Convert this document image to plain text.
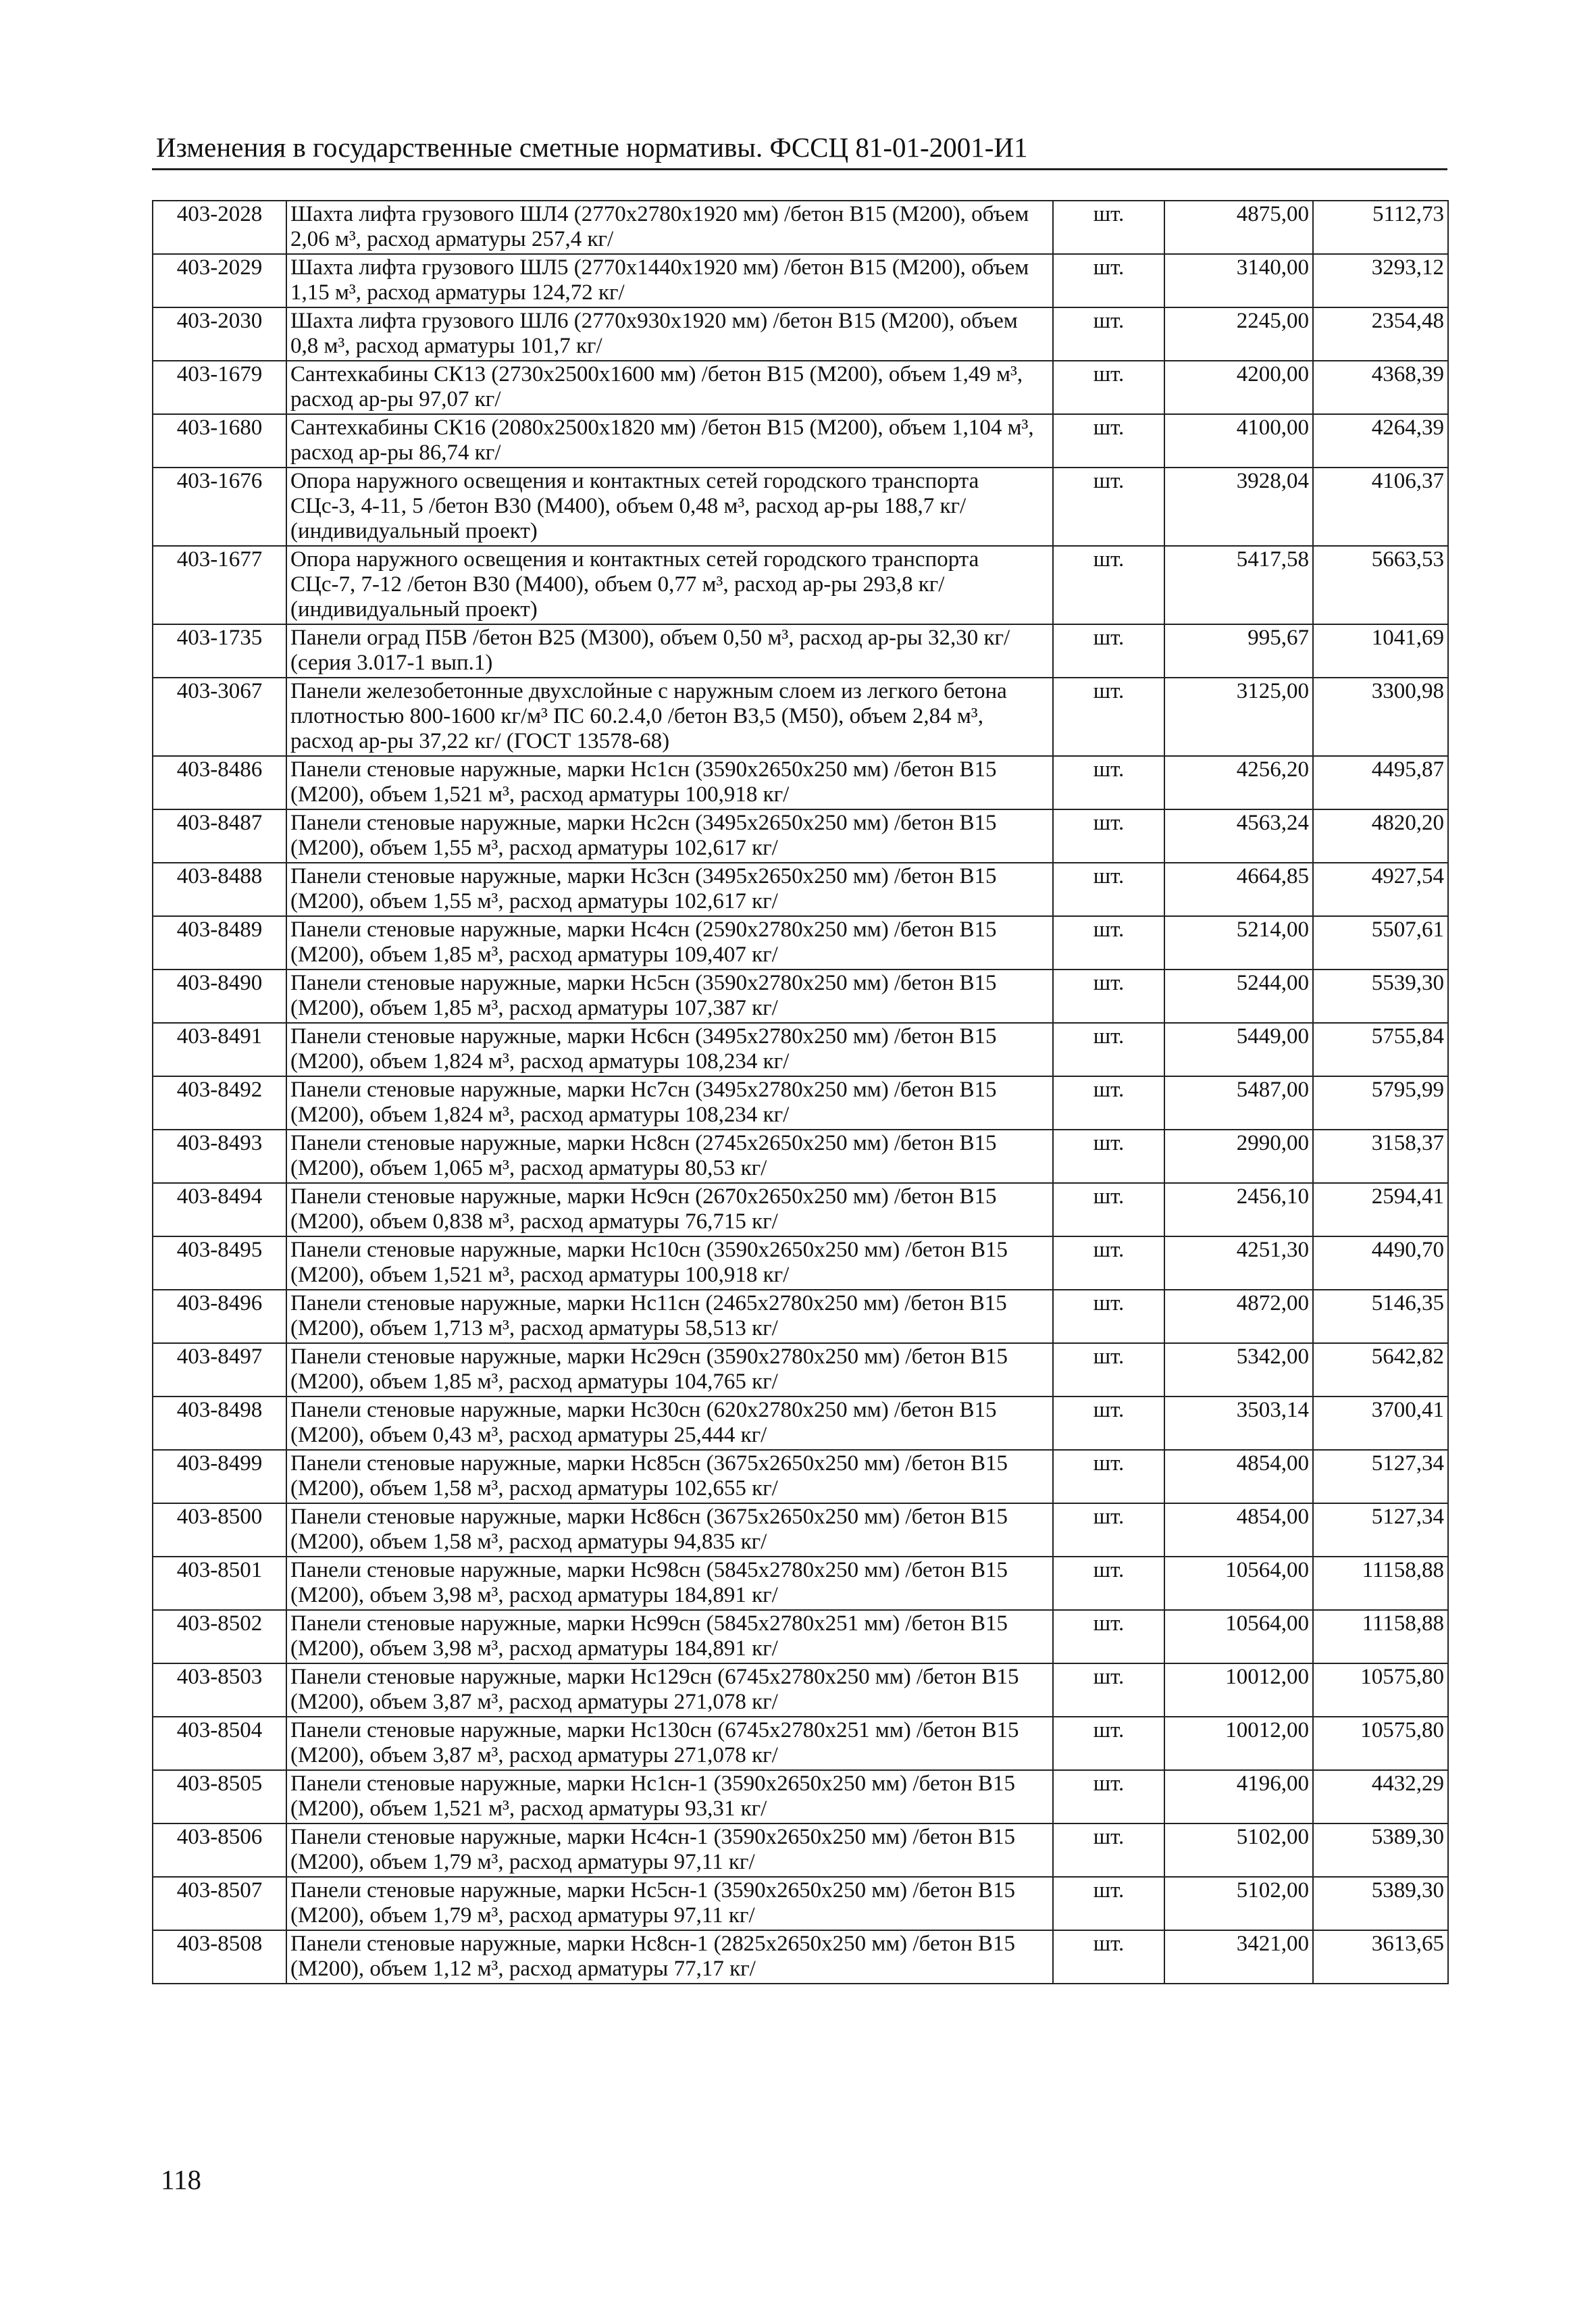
Изменения в государственные сметные нормативы. ФССЦ 81-01-2001-И1
403-2028	Шахта лифта грузового ШЛ4 (2770х2780х1920 мм) /бетон В15 (М200), объем 2,06 м³, расход арматуры 257,4 кг/	шт.	4875,00	5112,73
403-2029	Шахта лифта грузового ШЛ5 (2770х1440х1920 мм) /бетон В15 (М200), объем 1,15 м³, расход арматуры 124,72 кг/	шт.	3140,00	3293,12
403-2030	Шахта лифта грузового ШЛ6 (2770х930х1920 мм) /бетон В15 (М200), объем 0,8 м³, расход арматуры 101,7 кг/	шт.	2245,00	2354,48
403-1679	Сантехкабины СК13 (2730х2500х1600 мм) /бетон В15 (М200), объем 1,49 м³, расход ар-ры 97,07 кг/	шт.	4200,00	4368,39
403-1680	Сантехкабины СК16 (2080х2500х1820 мм) /бетон В15 (М200), объем 1,104 м³, расход ар-ры 86,74 кг/	шт.	4100,00	4264,39
403-1676	Опора наружного освещения и контактных сетей городского транспорта СЦс-3, 4-11, 5 /бетон В30 (М400), объем 0,48 м³, расход ар-ры 188,7 кг/ (индивидуальный проект)	шт.	3928,04	4106,37
403-1677	Опора наружного освещения и контактных сетей городского транспорта СЦс-7, 7-12 /бетон В30 (М400), объем 0,77 м³, расход ар-ры 293,8 кг/ (индивидуальный проект)	шт.	5417,58	5663,53
403-1735	Панели оград П5В /бетон В25 (М300), объем 0,50 м³, расход ар-ры 32,30 кг/ (серия 3.017-1 вып.1)	шт.	995,67	1041,69
403-3067	Панели железобетонные двухслойные с наружным слоем из легкого бетона плотностью 800-1600 кг/м³ ПС 60.2.4,0 /бетон В3,5 (М50), объем 2,84 м³, расход ар-ры 37,22 кг/ (ГОСТ 13578-68)	шт.	3125,00	3300,98
403-8486	Панели стеновые наружные, марки Нс1сн (3590х2650х250 мм) /бетон В15 (М200), объем 1,521 м³, расход арматуры 100,918 кг/	шт.	4256,20	4495,87
403-8487	Панели стеновые наружные, марки Нс2сн (3495х2650х250 мм) /бетон В15 (М200), объем 1,55 м³, расход арматуры 102,617 кг/	шт.	4563,24	4820,20
403-8488	Панели стеновые наружные, марки Нс3сн (3495х2650х250 мм) /бетон В15 (М200), объем 1,55 м³, расход арматуры 102,617 кг/	шт.	4664,85	4927,54
403-8489	Панели стеновые наружные, марки Нс4сн (2590х2780х250 мм) /бетон В15 (М200), объем 1,85 м³, расход арматуры 109,407 кг/	шт.	5214,00	5507,61
403-8490	Панели стеновые наружные, марки Нс5сн (3590х2780х250 мм) /бетон В15 (М200), объем 1,85 м³, расход арматуры 107,387 кг/	шт.	5244,00	5539,30
403-8491	Панели стеновые наружные, марки Нс6сн (3495х2780х250 мм) /бетон В15 (М200), объем 1,824 м³, расход арматуры 108,234 кг/	шт.	5449,00	5755,84
403-8492	Панели стеновые наружные, марки Нс7сн (3495х2780х250 мм) /бетон В15 (М200), объем 1,824 м³, расход арматуры 108,234 кг/	шт.	5487,00	5795,99
403-8493	Панели стеновые наружные, марки Нс8сн (2745х2650х250 мм) /бетон В15 (М200), объем 1,065 м³, расход арматуры 80,53 кг/	шт.	2990,00	3158,37
403-8494	Панели стеновые наружные, марки Нс9сн (2670х2650х250 мм) /бетон В15 (М200), объем 0,838 м³, расход арматуры 76,715 кг/	шт.	2456,10	2594,41
403-8495	Панели стеновые наружные, марки Нс10сн (3590х2650х250 мм) /бетон В15 (М200), объем 1,521 м³, расход арматуры 100,918 кг/	шт.	4251,30	4490,70
403-8496	Панели стеновые наружные, марки Нс11сн (2465х2780х250 мм) /бетон В15 (М200), объем 1,713 м³, расход арматуры 58,513 кг/	шт.	4872,00	5146,35
403-8497	Панели стеновые наружные, марки Нс29сн (3590х2780х250 мм) /бетон В15 (М200), объем 1,85 м³, расход арматуры 104,765 кг/	шт.	5342,00	5642,82
403-8498	Панели стеновые наружные, марки Нс30сн (620х2780х250 мм) /бетон В15 (М200), объем 0,43 м³, расход арматуры 25,444 кг/	шт.	3503,14	3700,41
403-8499	Панели стеновые наружные, марки Нс85сн (3675х2650х250 мм) /бетон В15 (М200), объем 1,58 м³, расход арматуры 102,655 кг/	шт.	4854,00	5127,34
403-8500	Панели стеновые наружные, марки Нс86сн (3675х2650х250 мм) /бетон В15 (М200), объем 1,58 м³, расход арматуры 94,835 кг/	шт.	4854,00	5127,34
403-8501	Панели стеновые наружные, марки Нс98сн (5845х2780х250 мм) /бетон В15 (М200), объем 3,98 м³, расход арматуры 184,891 кг/	шт.	10564,00	11158,88
403-8502	Панели стеновые наружные, марки Нс99сн (5845х2780х251 мм) /бетон В15 (М200), объем 3,98 м³, расход арматуры 184,891 кг/	шт.	10564,00	11158,88
403-8503	Панели стеновые наружные, марки Нс129сн (6745х2780х250 мм) /бетон В15 (М200), объем 3,87 м³, расход арматуры 271,078 кг/	шт.	10012,00	10575,80
403-8504	Панели стеновые наружные, марки Нс130сн (6745х2780х251 мм) /бетон В15 (М200), объем 3,87 м³, расход арматуры 271,078 кг/	шт.	10012,00	10575,80
403-8505	Панели стеновые наружные, марки Нс1сн-1 (3590х2650х250 мм) /бетон В15 (М200), объем 1,521 м³, расход арматуры 93,31 кг/	шт.	4196,00	4432,29
403-8506	Панели стеновые наружные, марки Нс4сн-1 (3590х2650х250 мм) /бетон В15 (М200), объем 1,79 м³, расход арматуры 97,11 кг/	шт.	5102,00	5389,30
403-8507	Панели стеновые наружные, марки Нс5сн-1 (3590х2650х250 мм) /бетон В15 (М200), объем 1,79 м³, расход арматуры 97,11 кг/	шт.	5102,00	5389,30
403-8508	Панели стеновые наружные, марки Нс8сн-1 (2825х2650х250 мм) /бетон В15 (М200), объем 1,12 м³, расход арматуры 77,17 кг/	шт.	3421,00	3613,65
118
